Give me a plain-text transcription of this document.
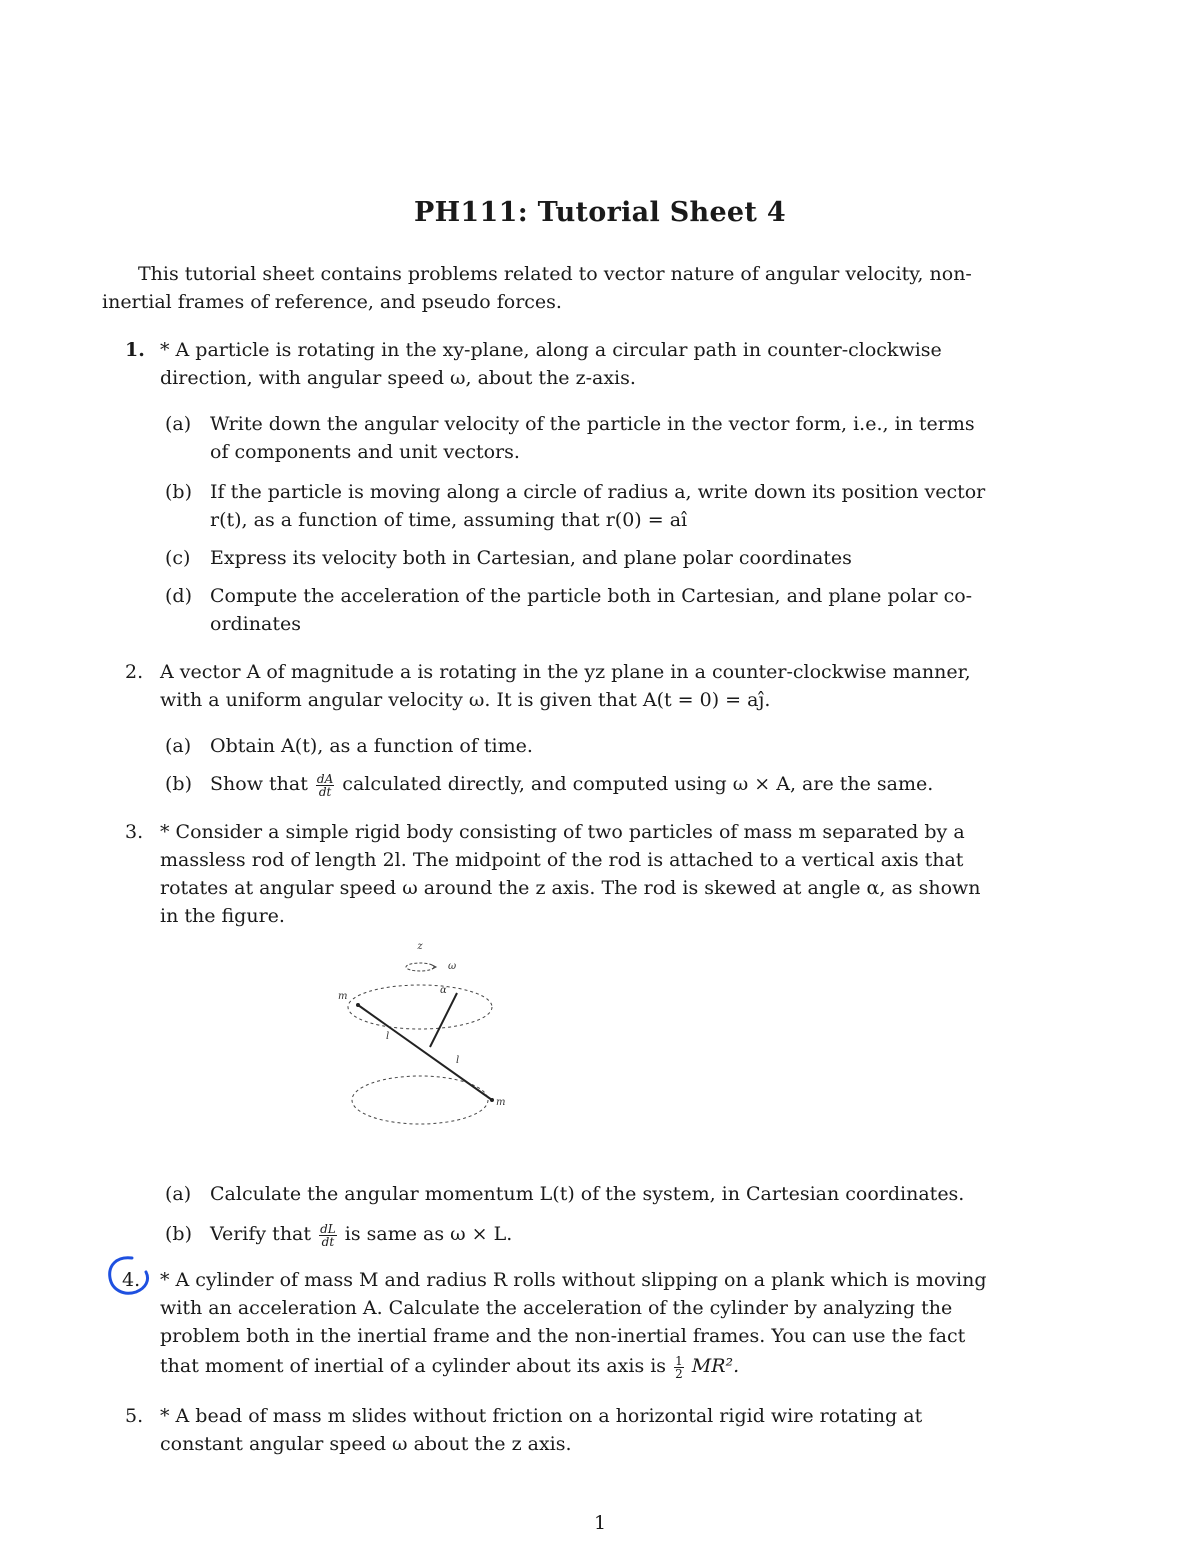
PH111: Tutorial Sheet 4
This tutorial sheet contains problems related to vector nature of angular velocity, non-
inertial frames of reference, and pseudo forces.
1. * A particle is rotating in the xy-plane, along a circular path in counter-clockwise
direction, with angular speed ω, about the z-axis.
(a) Write down the angular velocity of the particle in the vector form, i.e., in terms
of components and unit vectors.
(b) If the particle is moving along a circle of radius a, write down its position vector
r(t), as a function of time, assuming that r(0) = aî
(c) Express its velocity both in Cartesian, and plane polar coordinates
(d) Compute the acceleration of the particle both in Cartesian, and plane polar co-
ordinates
2. A vector A of magnitude a is rotating in the yz plane in a counter-clockwise manner,
with a uniform angular velocity ω. It is given that A(t = 0) = aĵ.
(a) Obtain A(t), as a function of time.
(b) Show that $\frac{dA}{dt}$ calculated directly, and computed using ω × A, are the same.
3. * Consider a simple rigid body consisting of two particles of mass m separated by a
massless rod of length 2l. The midpoint of the rod is attached to a vertical axis that
rotates at angular speed ω around the z axis. The rod is skewed at angle α, as shown
in the figure.
z
ω
m
m
α
l
l
(a) Calculate the angular momentum L(t) of the system, in Cartesian coordinates.
(b) Verify that $\frac{dL}{dt}$ is same as ω × L.
4. * A cylinder of mass M and radius R rolls without slipping on a plank which is moving
with an acceleration A. Calculate the acceleration of the cylinder by analyzing the
problem both in the inertial frame and the non-inertial frames. You can use the fact
that moment of inertial of a cylinder about its axis is $\frac{1}{2} MR^2$.
5. * A bead of mass m slides without friction on a horizontal rigid wire rotating at
constant angular speed ω about the z axis.
1
